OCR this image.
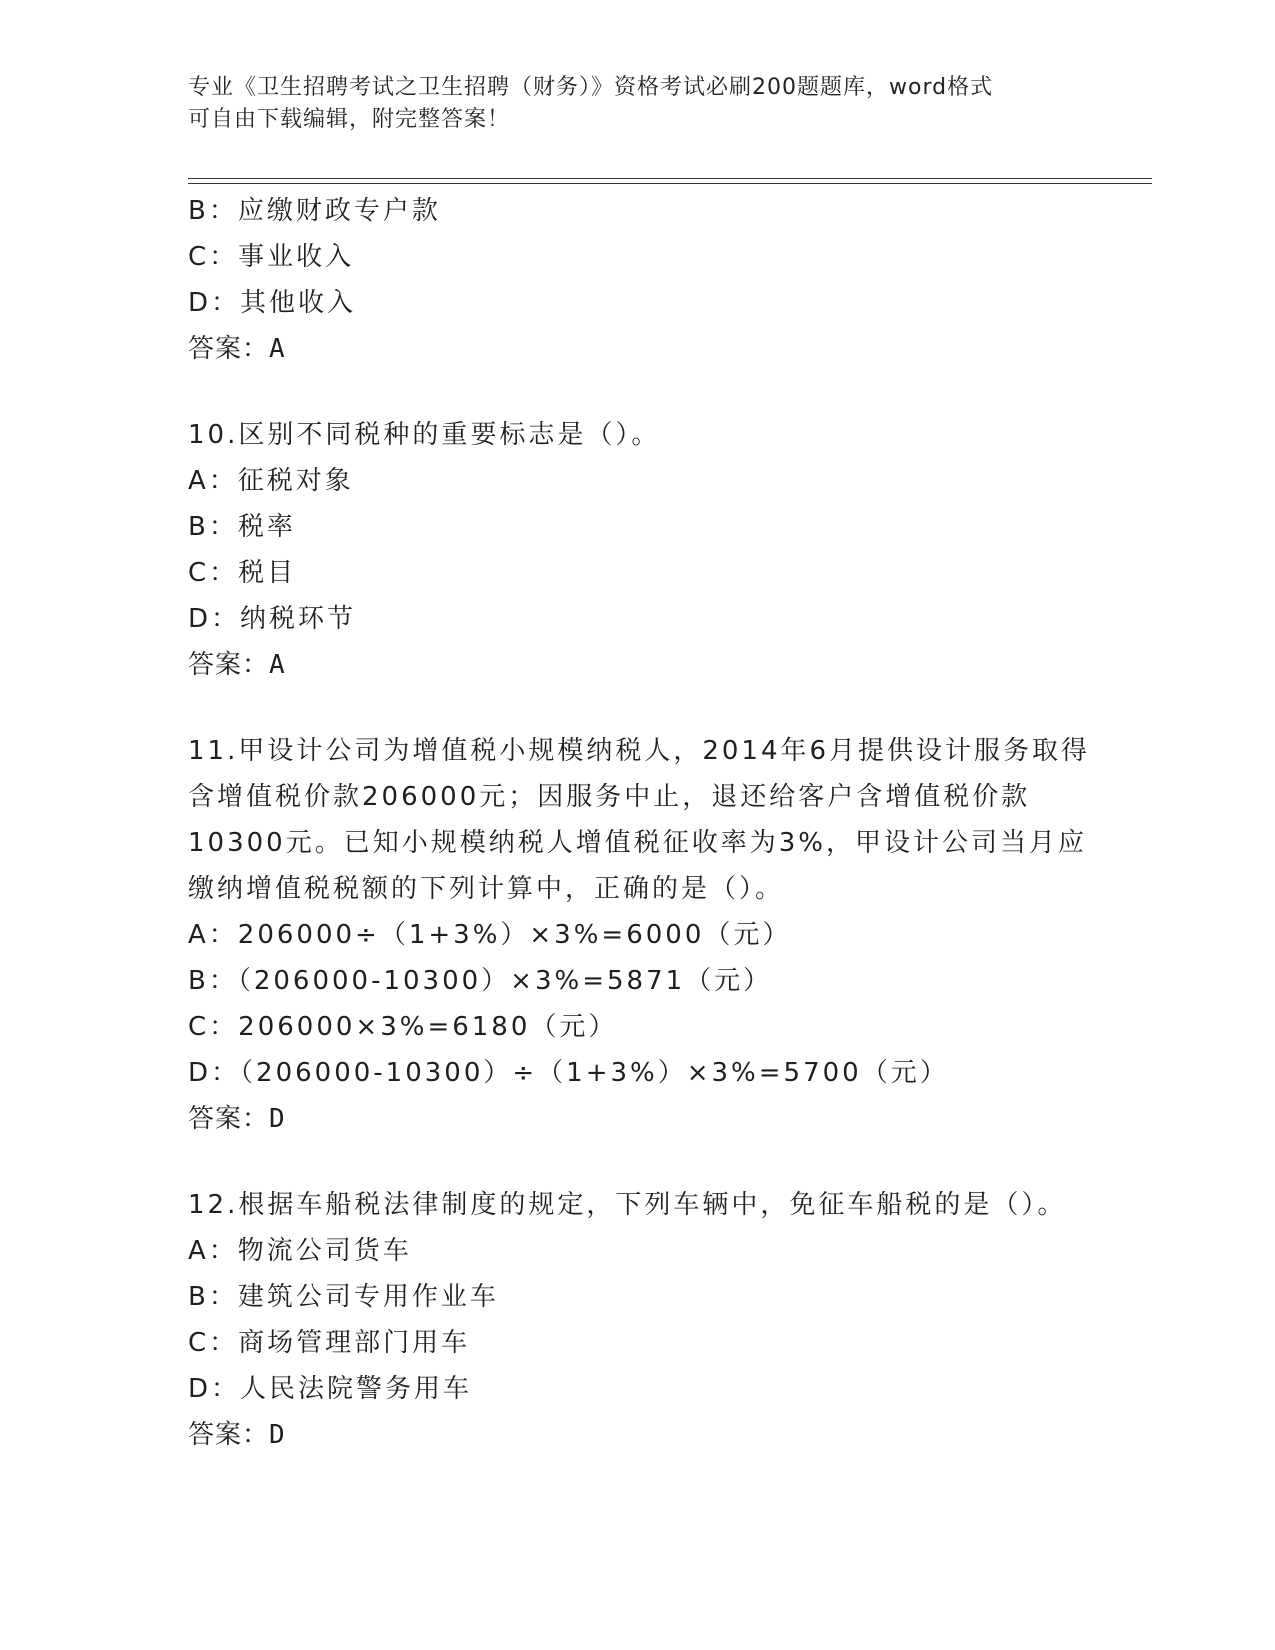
专业《卫生招聘考试之卫生招聘（财务）》资格考试必刷200题题库，word格式
可自由下载编辑，附完整答案！
B：应缴财政专户款
C：事业收入
D：其他收入
答案：A
10.区别不同税种的重要标志是（）。
A：征税对象
B：税率
C：税目
D：纳税环节
答案：A
11.甲设计公司为增值税小规模纳税人，2014年6月提供设计服务取得
含增值税价款206000元；因服务中止，退还给客户含增值税价款
10300元。已知小规模纳税人增值税征收率为3%，甲设计公司当月应
缴纳增值税税额的下列计算中，正确的是（）。
A：206000÷（1+3%）×3%=6000（元）
B：（206000-10300）×3%=5871（元）
C：206000×3%=6180（元）
D：（206000-10300）÷（1+3%）×3%=5700（元）
答案：D
12.根据车船税法律制度的规定，下列车辆中，免征车船税的是（）。
A：物流公司货车
B：建筑公司专用作业车
C：商场管理部门用车
D：人民法院警务用车
答案：D
